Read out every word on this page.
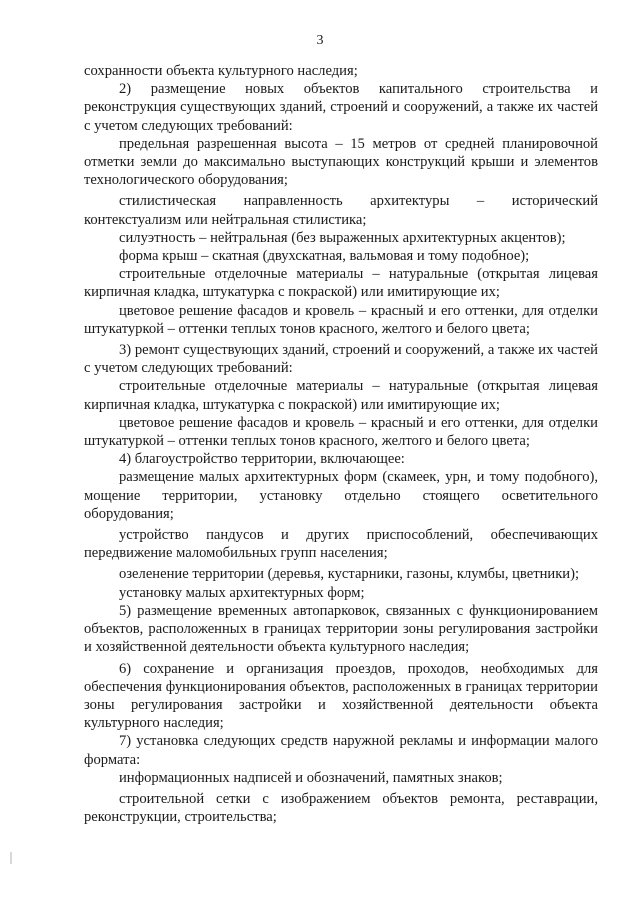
3

сохранности объекта культурного наследия;

2) размещение новых объектов капитального строительства и реконструкция существующих зданий, строений и сооружений, а также их частей с учетом следующих требований:

предельная разрешенная высота – 15 метров от средней планировочной отметки земли до максимально выступающих конструкций крыши и элементов технологического оборудования;

стилистическая направленность архитектуры – исторический контекстуализм или нейтральная стилистика;

силуэтность – нейтральная (без выраженных архитектурных акцентов);

форма крыш – скатная (двухскатная, вальмовая и тому подобное);

строительные отделочные материалы – натуральные (открытая лицевая кирпичная кладка, штукатурка с покраской) или имитирующие их;

цветовое решение фасадов и кровель – красный и его оттенки, для отделки штукатуркой – оттенки теплых тонов красного, желтого и белого цвета;

3) ремонт существующих зданий, строений и сооружений, а также их частей с учетом следующих требований:

строительные отделочные материалы – натуральные (открытая лицевая кирпичная кладка, штукатурка с покраской) или имитирующие их;

цветовое решение фасадов и кровель – красный и его оттенки, для отделки штукатуркой – оттенки теплых тонов красного, желтого и белого цвета;

4) благоустройство территории, включающее:

размещение малых архитектурных форм (скамеек, урн, и тому подобного), мощение территории, установку отдельно стоящего осветительного оборудования;

устройство пандусов и других приспособлений, обеспечивающих передвижение маломобильных групп населения;

озеленение территории (деревья, кустарники, газоны, клумбы, цветники);

установку малых архитектурных форм;

5) размещение временных автопарковок, связанных с функционированием объектов, расположенных в границах территории зоны регулирования застройки и хозяйственной деятельности объекта культурного наследия;

6) сохранение и организация проездов, проходов, необходимых для обеспечения функционирования объектов, расположенных в границах территории зоны регулирования застройки и хозяйственной деятельности объекта культурного наследия;

7) установка следующих средств наружной рекламы и информации малого формата:

информационных надписей и обозначений, памятных знаков;

строительной сетки с изображением объектов ремонта, реставрации, реконструкции, строительства;
